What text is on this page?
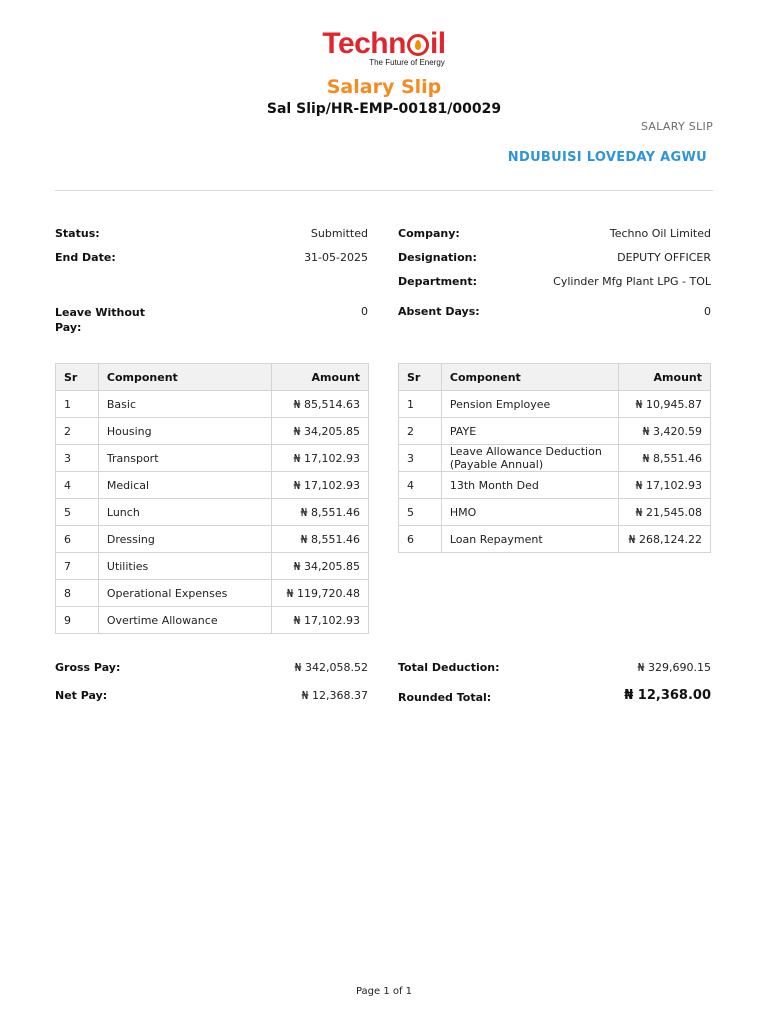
Techn il
The Future of Energy
Salary Slip
Sal Slip/HR-EMP-00181/00029
SALARY SLIP
NDUBUISI LOVEDAY AGWU
Status:	Submitted
End Date:	31-05-2025
Leave Without Pay:
0
Company:	Techno Oil Limited
Designation:	DEPUTY OFFICER
Department:	Cylinder Mfg Plant LPG - TOL
Absent Days:	0
Sr	Component	Amount
1	Basic	₦ 85,514.63
2	Housing	₦ 34,205.85
3	Transport	₦ 17,102.93
4	Medical	₦ 17,102.93
5	Lunch	₦ 8,551.46
6	Dressing	₦ 8,551.46
7	Utilities	₦ 34,205.85
8	Operational Expenses	₦ 119,720.48
9	Overtime Allowance	₦ 17,102.93
Sr	Component	Amount
1	Pension Employee	₦ 10,945.87
2	PAYE	₦ 3,420.59
3	Leave Allowance Deduction (Payable Annual)	₦ 8,551.46
4	13th Month Ded	₦ 17,102.93
5	HMO	₦ 21,545.08
6	Loan Repayment	₦ 268,124.22
Gross Pay:	₦ 342,058.52
Net Pay:	₦ 12,368.37
Total Deduction:	₦ 329,690.15
Rounded Total:	₦ 12,368.00
Page 1 of 1
